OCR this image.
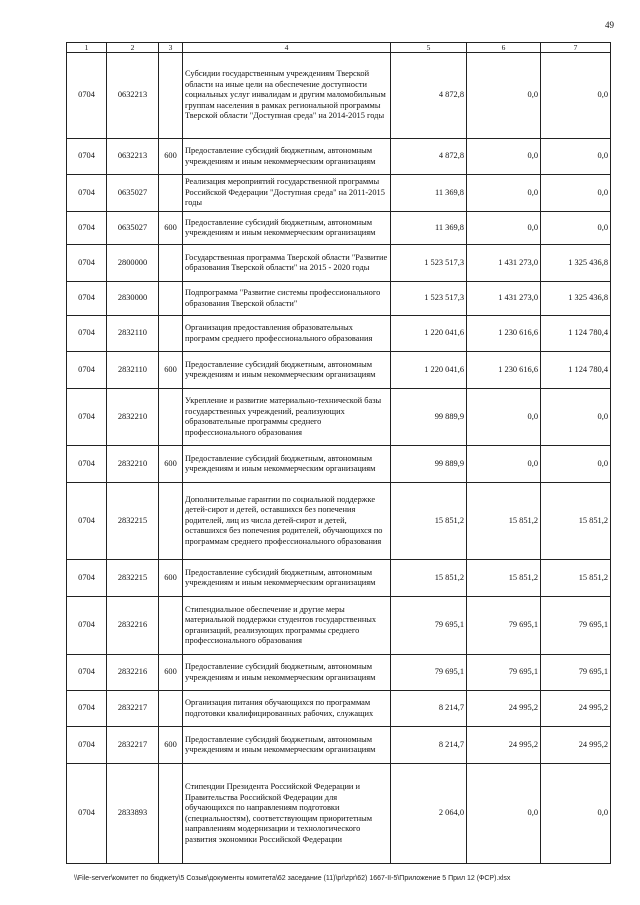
49
1	2	3	4	5	6	7
0704	0632213		Субсидии государственным учреждениям Тверской области на иные цели на обеспечение доступности социальных услуг инвалидам и другим маломобильным группам населения в рамках региональной программы Тверской области "Доступная среда" на 2014-2015 годы	4 872,8	0,0	0,0
0704	0632213	600	Предоставление субсидий бюджетным, автономным учреждениям и иным некоммерческим организациям	4 872,8	0,0	0,0
0704	0635027		Реализация мероприятий государственной программы Российской Федерации "Доступная среда" на 2011-2015 годы	11 369,8	0,0	0,0
0704	0635027	600	Предоставление субсидий бюджетным, автономным учреждениям и иным некоммерческим организациям	11 369,8	0,0	0,0
0704	2800000		Государственная программа Тверской области "Развитие образования Тверской области" на 2015 - 2020 годы	1 523 517,3	1 431 273,0	1 325 436,8
0704	2830000		Подпрограмма "Развитие системы профессионального образования Тверской области"	1 523 517,3	1 431 273,0	1 325 436,8
0704	2832110		Организация предоставления образовательных программ среднего профессионального образования	1 220 041,6	1 230 616,6	1 124 780,4
0704	2832110	600	Предоставление субсидий бюджетным, автономным учреждениям и иным некоммерческим организациям	1 220 041,6	1 230 616,6	1 124 780,4
0704	2832210		Укрепление и развитие материально-технической базы государственных учреждений, реализующих образовательные программы среднего профессионального образования	99 889,9	0,0	0,0
0704	2832210	600	Предоставление субсидий бюджетным, автономным учреждениям и иным некоммерческим организациям	99 889,9	0,0	0,0
0704	2832215		Дополнительные гарантии по социальной поддержке детей-сирот и детей, оставшихся без попечения родителей, лиц из числа детей-сирот и детей, оставшихся без попечения родителей, обучающихся по программам среднего профессионального образования	15 851,2	15 851,2	15 851,2
0704	2832215	600	Предоставление субсидий бюджетным, автономным учреждениям и иным некоммерческим организациям	15 851,2	15 851,2	15 851,2
0704	2832216		Стипендиальное обеспечение и другие меры материальной поддержки студентов государственных организаций, реализующих программы среднего профессионального образования	79 695,1	79 695,1	79 695,1
0704	2832216	600	Предоставление субсидий бюджетным, автономным учреждениям и иным некоммерческим организациям	79 695,1	79 695,1	79 695,1
0704	2832217		Организация питания обучающихся по программам подготовки квалифицированных рабочих, служащих	8 214,7	24 995,2	24 995,2
0704	2832217	600	Предоставление субсидий бюджетным, автономным учреждениям и иным некоммерческим организациям	8 214,7	24 995,2	24 995,2
0704	2833893		Стипендии Президента Российской Федерации и Правительства Российской Федерации для обучающихся по направлениям подготовки (специальностям), соответствующим приоритетным направлениям модернизации и технологического развития экономики Российской Федерации	2 064,0	0,0	0,0
\\File-server\комитет по бюджету\5 Созыв\документы комитета\62 заседание (11)\pr\zpr\62) 1667-II-5\Приложение 5 Прил 12 (ФСР).xlsx
